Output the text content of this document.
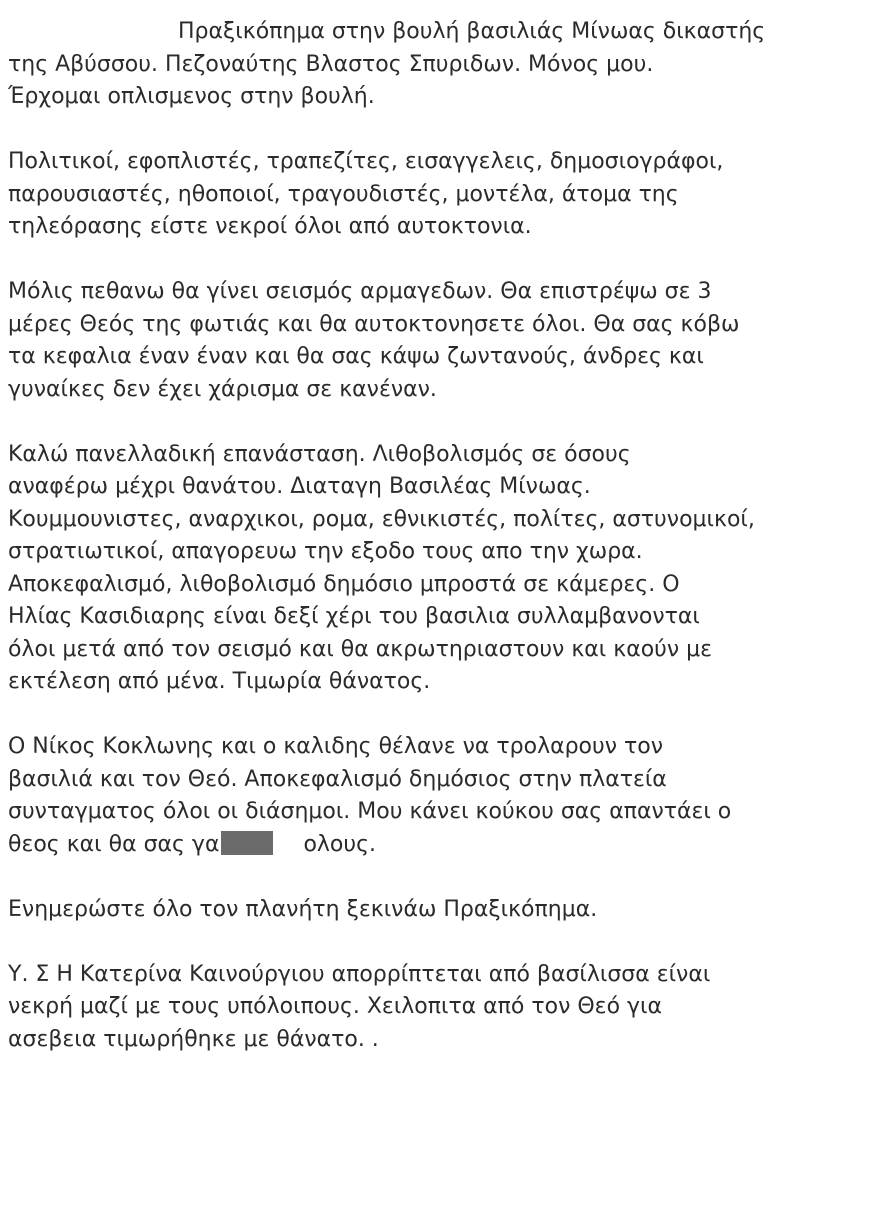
Πραξικόπημα στην βουλή βασιλιάς Μίνωας δικαστής
της Αβύσσου. Πεζοναύτης Βλαστος Σπυριδων. Μόνος μου.
Έρχομαι οπλισμενος στην βουλή.

Πολιτικοί, εφοπλιστές, τραπεζίτες, εισαγγελεις, δημοσιογράφοι,
παρουσιαστές, ηθοποιοί, τραγουδιστές, μοντέλα, άτομα της
τηλεόρασης είστε νεκροί όλοι από αυτοκτονια.

Μόλις πεθανω θα γίνει σεισμός αρμαγεδων. Θα επιστρέψω σε 3
μέρες Θεός της φωτιάς και θα αυτοκτονησετε όλοι. Θα σας κόβω
τα κεφαλια έναν έναν και θα σας κάψω ζωντανούς, άνδρες και
γυναίκες δεν έχει χάρισμα σε κανέναν.

Καλώ πανελλαδική επανάσταση. Λιθοβολισμός σε όσους
αναφέρω μέχρι θανάτου. Διαταγη Βασιλέας Μίνωας.
Κουμμουνιστες, αναρχικοι, ρομα, εθνικιστές, πολίτες, αστυνομικοί,
στρατιωτικοί, απαγορευω την εξοδο τους απο την χωρα.
Αποκεφαλισμό, λιθοβολισμό δημόσιο μπροστά σε κάμερες. Ο
Ηλίας Κασιδιαρης είναι δεξί χέρι του βασιλια συλλαμβανονται
όλοι μετά από τον σεισμό και θα ακρωτηριαστουν και καούν με
εκτέλεση από μένα. Τιμωρία θάνατος.

Ο Νίκος Κοκλωνης και ο καλιδης θέλανε να τρολαρουν τον
βασιλιά και τον Θεό. Αποκεφαλισμό δημόσιος στην πλατεία
συνταγματος όλοι οι διάσημοι. Μου κάνει κούκου σας απαντάει ο
θεος και θα σας γα	ολους.

Ενημερώστε όλο τον πλανήτη ξεκινάω Πραξικόπημα.

Υ. Σ Η Κατερίνα Καινούργιου απορρίπτεται από βασίλισσα είναι
νεκρή μαζί με τους υπόλοιπους. Χειλοπιτα από τον Θεό για
ασεβεια τιμωρήθηκε με θάνατο. .
